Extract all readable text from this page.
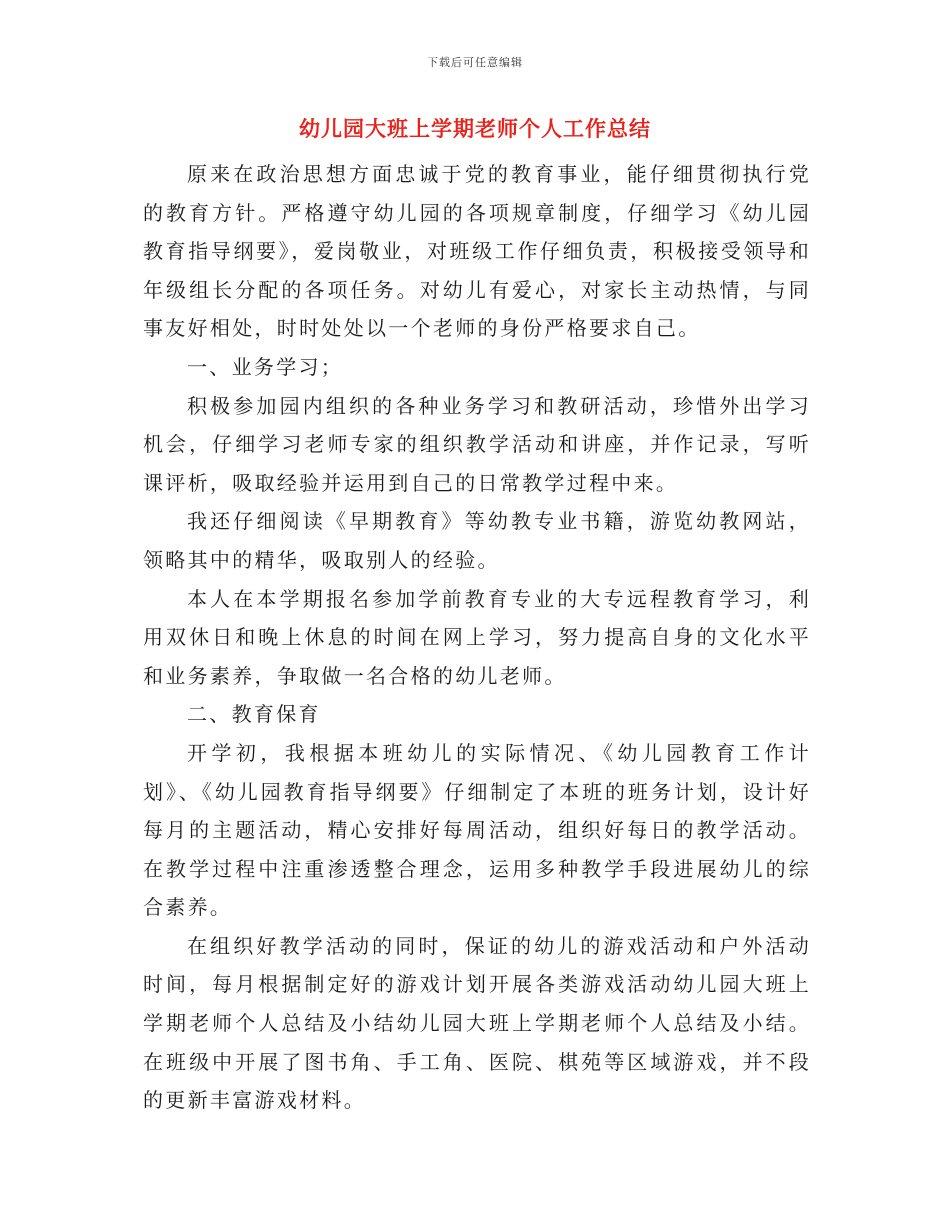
下载后可任意编辑
幼儿园大班上学期老师个人工作总结

原来在政治思想方面忠诚于党的教育事业，能仔细贯彻执行党的教育方针。严格遵守幼儿园的各项规章制度，仔细学习《幼儿园教育指导纲要》，爱岗敬业，对班级工作仔细负责，积极接受领导和年级组长分配的各项任务。对幼儿有爱心，对家长主动热情，与同事友好相处，时时处处以一个老师的身份严格要求自己。

一、业务学习；

积极参加园内组织的各种业务学习和教研活动，珍惜外出学习机会，仔细学习老师专家的组织教学活动和讲座，并作记录，写听课评析，吸取经验并运用到自己的日常教学过程中来。

我还仔细阅读《早期教育》等幼教专业书籍，游览幼教网站，领略其中的精华，吸取别人的经验。

本人在本学期报名参加学前教育专业的大专远程教育学习，利用双休日和晚上休息的时间在网上学习，努力提高自身的文化水平和业务素养，争取做一名合格的幼儿老师。

二、教育保育

开学初，我根据本班幼儿的实际情况、《幼儿园教育工作计划》、《幼儿园教育指导纲要》仔细制定了本班的班务计划，设计好每月的主题活动，精心安排好每周活动，组织好每日的教学活动。在教学过程中注重渗透整合理念，运用多种教学手段进展幼儿的综合素养。

在组织好教学活动的同时，保证的幼儿的游戏活动和户外活动时间，每月根据制定好的游戏计划开展各类游戏活动幼儿园大班上学期老师个人总结及小结幼儿园大班上学期老师个人总结及小结。在班级中开展了图书角、手工角、医院、棋苑等区域游戏，并不段的更新丰富游戏材料。
